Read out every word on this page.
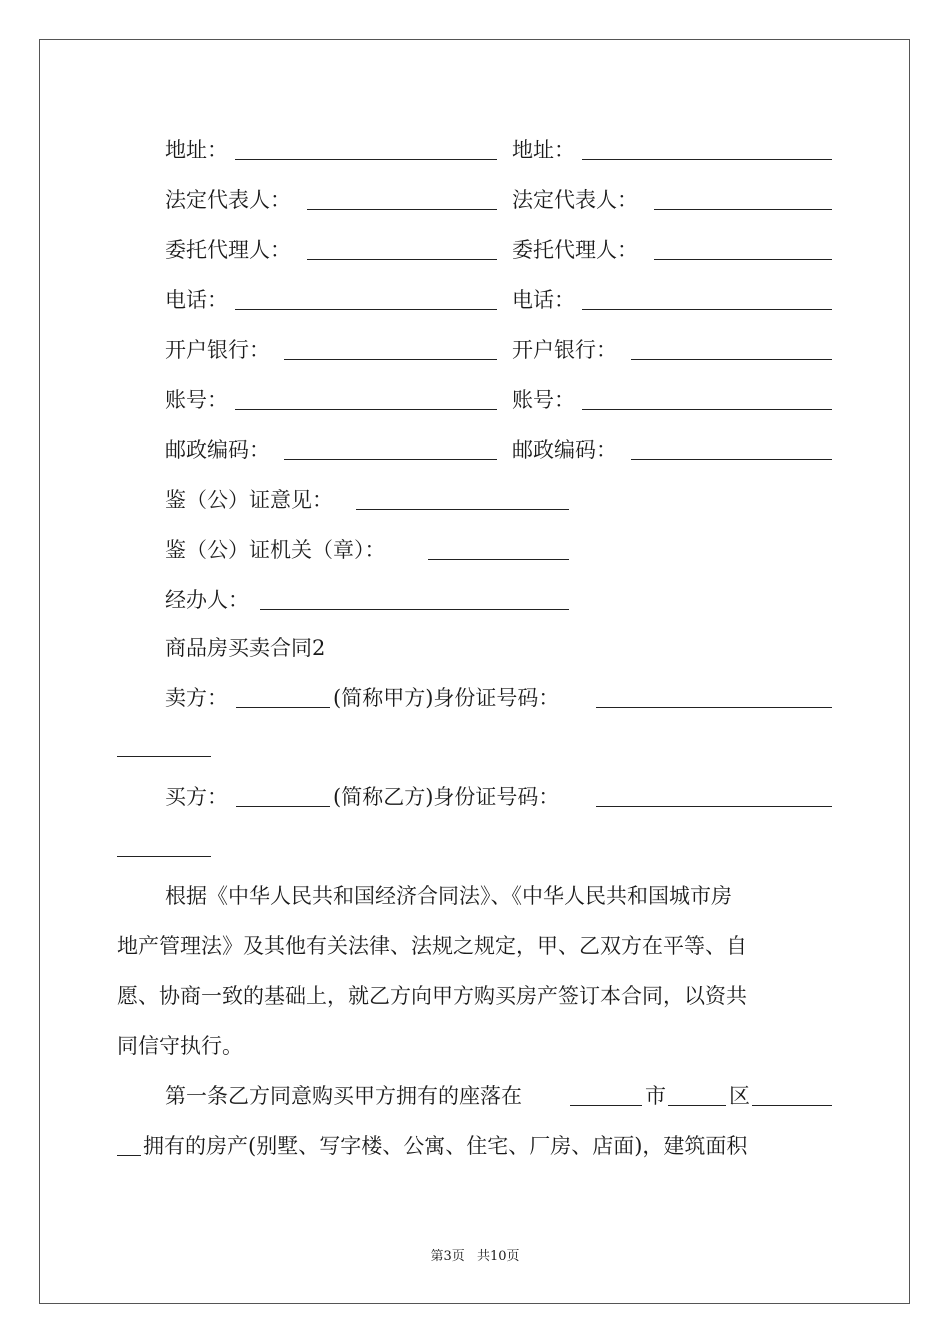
地址：	地址：
法定代表人：	法定代表人：
委托代理人：	委托代理人：
电话：	电话：
开户银行：	开户银行：
账号：	账号：
邮政编码：	邮政编码：
鉴（公）证意见：
鉴（公）证机关（章）：
经办人：
商品房买卖合同2
卖方：	(简称甲方)身份证号码：
买方：	(简称乙方)身份证号码：
根据《中华人民共和国经济合同法》、《中华人民共和国城市房
地产管理法》及其他有关法律、法规之规定，甲、乙双方在平等、自
愿、协商一致的基础上，就乙方向甲方购买房产签订本合同，以资共
同信守执行。
第一条乙方同意购买甲方拥有的座落在	市	区
拥有的房产(别墅、写字楼、公寓、住宅、厂房、店面)，建筑面积
第3页 共10页
